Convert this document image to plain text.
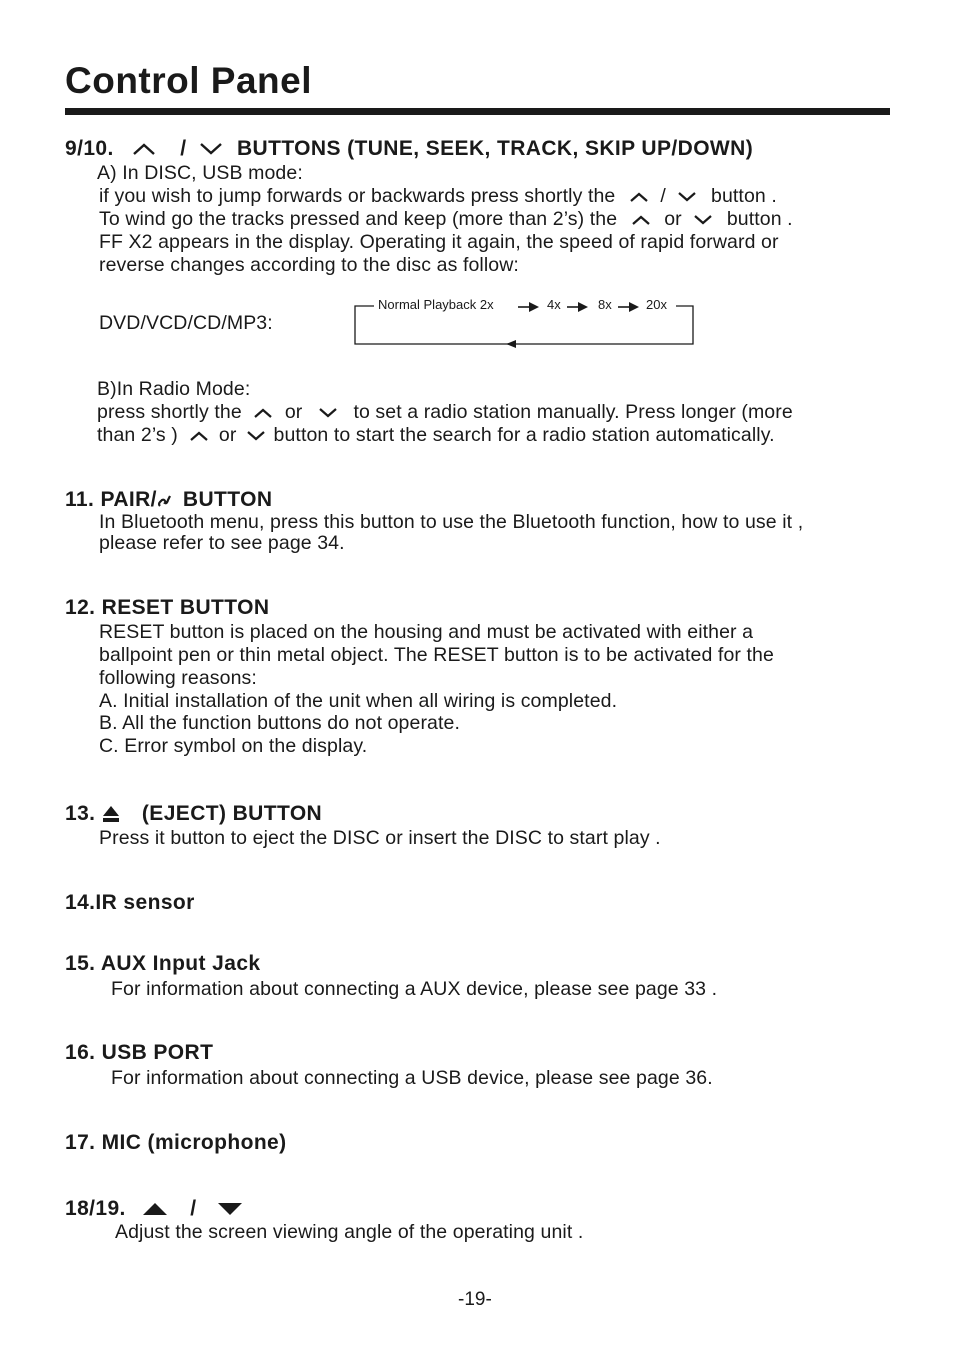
Control Panel
9/10.	/ BUTTONS (TUNE, SEEK, TRACK, SKIP UP/DOWN)
A) In DISC, USB mode:
if you wish to jump forwards or backwards press shortly the / button .
To wind go the tracks pressed and keep (more than 2’s) the or button .
FF X2 appears in the display. Operating it again, the speed of rapid forward or
reverse changes according to the disc as follow:
DVD/VCD/CD/MP3:
Normal Playback 2x	4x	8x	20x
B)In Radio Mode:
press shortly the or	to set a radio station manually. Press longer (more
than 2’s ) or button to start the search for a radio station automatically.
11. PAIR/ BUTTON
In Bluetooth menu, press this button to use the Bluetooth function, how to use it ,
please refer to see page 34.
12. RESET BUTTON
RESET button is placed on the housing and must be activated with either a
ballpoint pen or thin metal object. The RESET button is to be activated for the
following reasons:
A. Initial installation of the unit when all wiring is completed.
B. All the function buttons do not operate.
C. Error symbol on the display.
13. (EJECT) BUTTON
Press it button to eject the DISC or insert the DISC to start play .
14.IR sensor
15. AUX Input Jack
For information about connecting a AUX device, please see page 33 .
16. USB PORT
For information about connecting a USB device, please see page 36.
17. MIC (microphone)
18/19.	/
Adjust the screen viewing angle of the operating unit .
-19-
